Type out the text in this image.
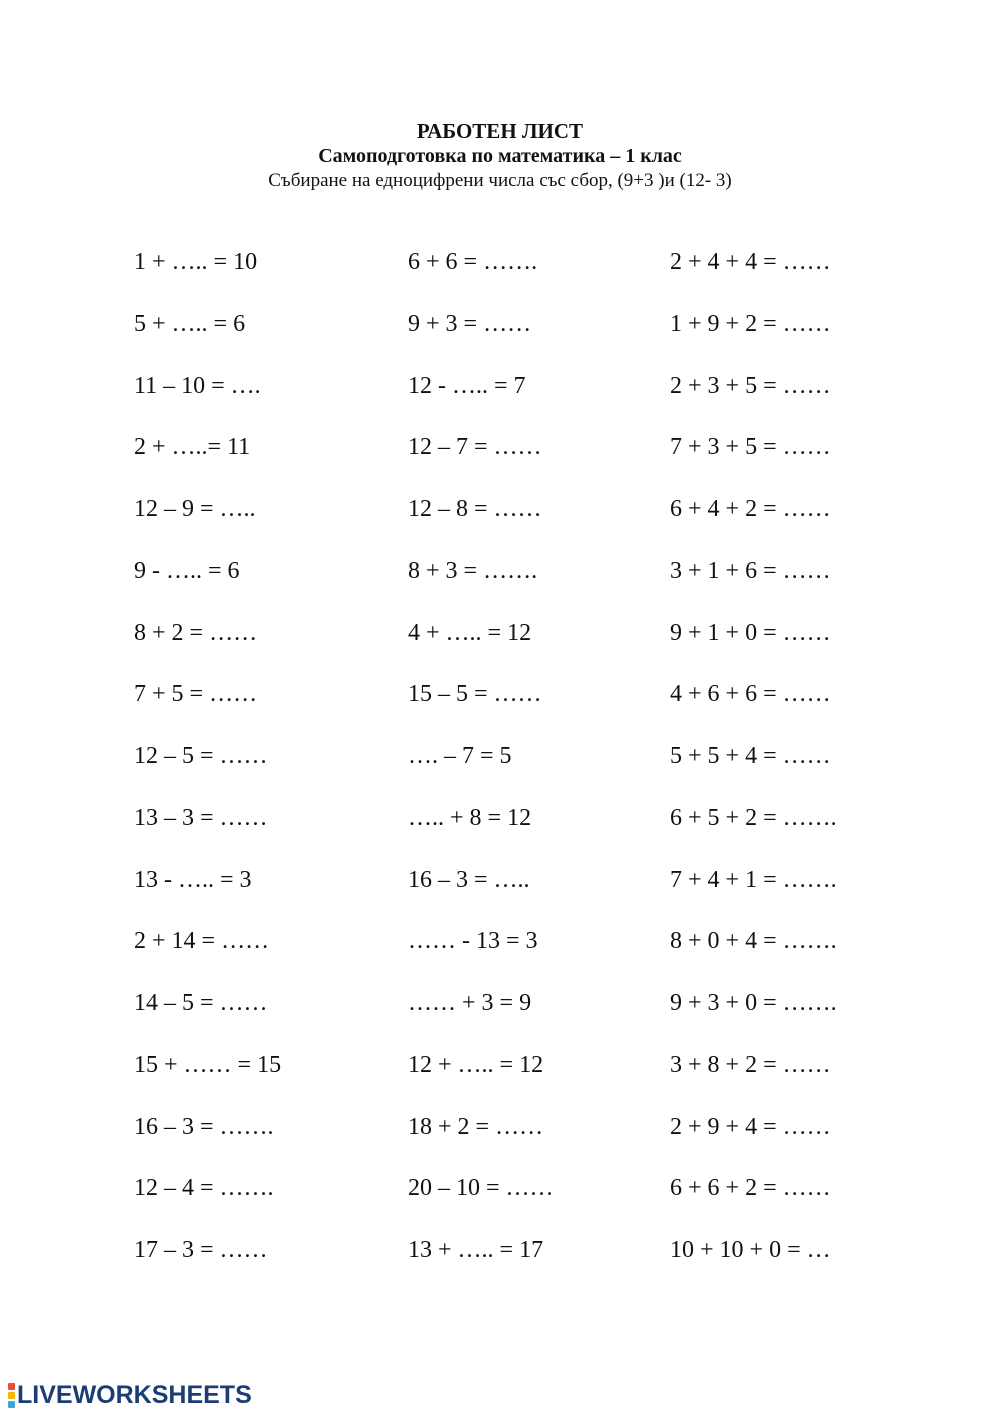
РАБОТЕН ЛИСТ
Самоподготовка по математика – 1 клас
Събиране на едноцифрени числа със сбор, (9+3 )и (12- 3)
1 + ….. = 10	6 + 6 = …….	2 + 4 + 4 = ……
5 + ….. = 6	9 + 3 = ……	1 + 9 + 2 = ……
11 – 10 = ….	12 - ….. = 7	2 + 3 + 5 = ……
2 + …..= 11	12 – 7 = ……	7 + 3 + 5 = ……
12 – 9 = …..	12 – 8 = ……	6 + 4 + 2 = ……
9 - ….. = 6	8 + 3 = …….	3 + 1 + 6 = ……
8 + 2 = ……	4 + ….. = 12	9 + 1 + 0 = ……
7 + 5 = ……	15 – 5 = ……	4 + 6 + 6 = ……
12 – 5 = ……	…. – 7 = 5	5 + 5 + 4 = ……
13 – 3 = ……	….. + 8 = 12	6 + 5 + 2 = …….
13 - ….. = 3	16 – 3 = …..	7 + 4 + 1 = …….
2 + 14 = ……	…… - 13 = 3	8 + 0 + 4 = …….
14 – 5 = ……	…… + 3 = 9	9 + 3 + 0 = …….
15 + …… = 15	12 + ….. = 12	3 + 8 + 2 = ……
16 – 3 = …….	18 + 2 = ……	2 + 9 + 4 = ……
12 – 4 = …….	20 – 10 = ……	6 + 6 + 2 = ……
17 – 3 = ……	13 + ….. = 17	10 + 10 + 0 = …
LIVEWORKSHEETS
